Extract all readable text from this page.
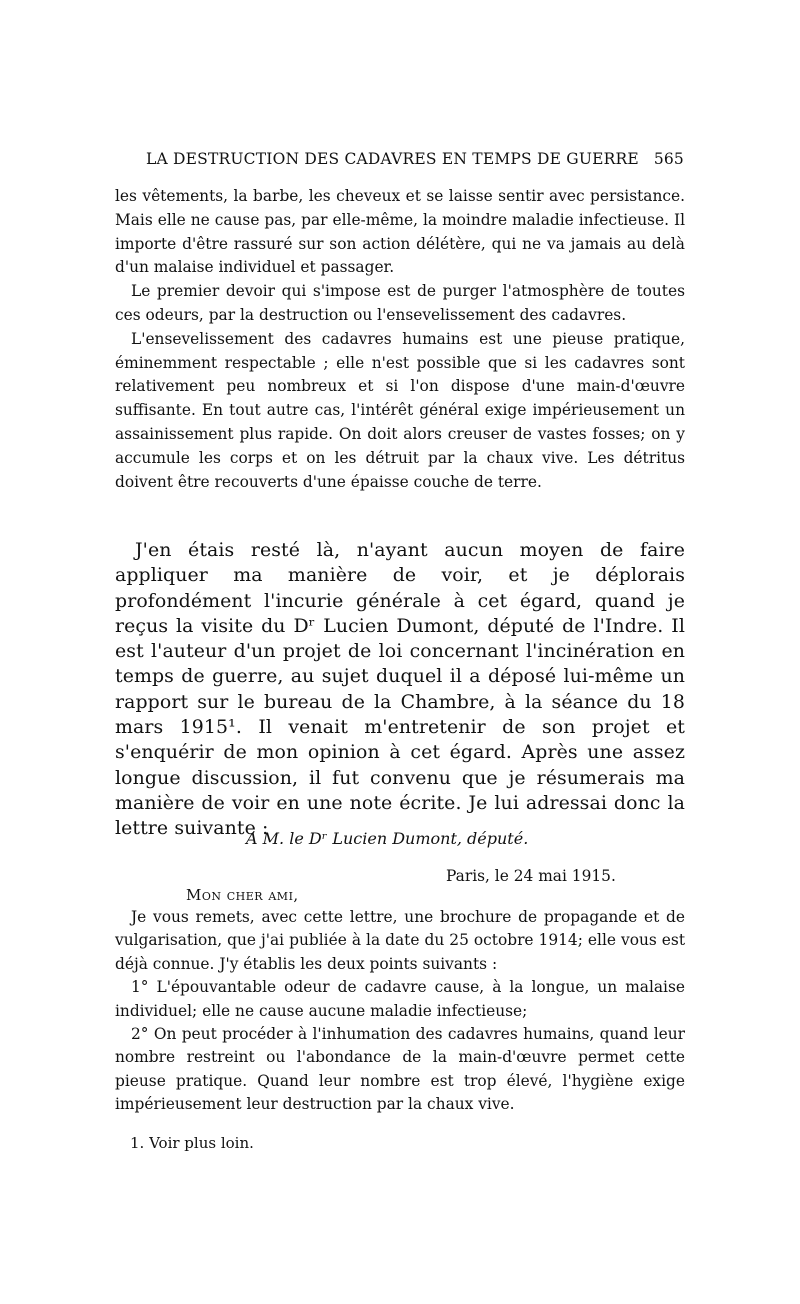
LA DESTRUCTION DES CADAVRES EN TEMPS DE GUERRE 565

les vêtements, la barbe, les cheveux et se laisse sentir avec persistance. Mais elle ne cause pas, par elle-même, la moindre maladie infectieuse. Il importe d'être rassuré sur son action délétère, qui ne va jamais au delà d'un malaise individuel et passager.

Le premier devoir qui s'impose est de purger l'atmosphère de toutes ces odeurs, par la destruction ou l'ensevelissement des cadavres.

L'ensevelissement des cadavres humains est une pieuse pratique, éminemment respectable ; elle n'est possible que si les cadavres sont relativement peu nombreux et si l'on dispose d'une main-d'œuvre suffisante. En tout autre cas, l'intérêt général exige impérieusement un assainissement plus rapide. On doit alors creuser de vastes fosses; on y accumule les corps et on les détruit par la chaux vive. Les détritus doivent être recouverts d'une épaisse couche de terre.

J'en étais resté là, n'ayant aucun moyen de faire appliquer ma manière de voir, et je déplorais profondément l'incurie générale à cet égard, quand je reçus la visite du Dʳ Lucien Dumont, député de l'Indre. Il est l'auteur d'un projet de loi concernant l'incinération en temps de guerre, au sujet duquel il a déposé lui-même un rapport sur le bureau de la Chambre, à la séance du 18 mars 1915¹. Il venait m'entretenir de son projet et s'enquérir de mon opinion à cet égard. Après une assez longue discussion, il fut convenu que je résumerais ma manière de voir en une note écrite. Je lui adressai donc la lettre suivante :

A M. le Dʳ Lucien Dumont, député.
Paris, le 24 mai 1915.
Mon cher ami,

Je vous remets, avec cette lettre, une brochure de propagande et de vulgarisation, que j'ai publiée à la date du 25 octobre 1914; elle vous est déjà connue. J'y établis les deux points suivants :

1° L'épouvantable odeur de cadavre cause, à la longue, un malaise individuel; elle ne cause aucune maladie infectieuse;

2° On peut procéder à l'inhumation des cadavres humains, quand leur nombre restreint ou l'abondance de la main-d'œuvre permet cette pieuse pratique. Quand leur nombre est trop élevé, l'hygiène exige impérieusement leur destruction par la chaux vive.

1. Voir plus loin.
